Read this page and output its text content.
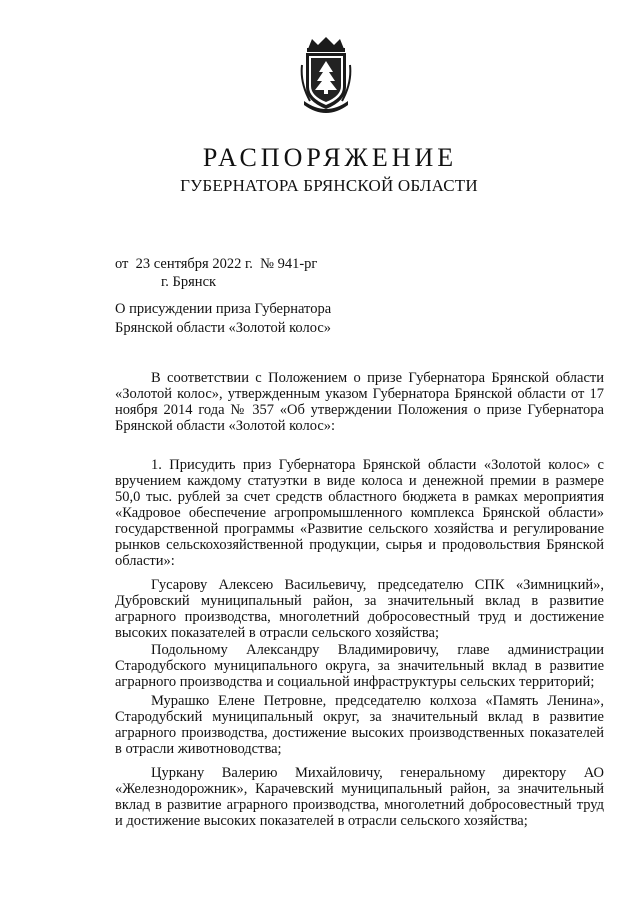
РАСПОРЯЖЕНИЕ
ГУБЕРНАТОРА БРЯНСКОЙ ОБЛАСТИ
от  23 сентября 2022 г.  № 941-рг
г. Брянск
О присуждении приза Губернатора
Брянской области «Золотой колос»

В соответствии с Положением о призе Губернатора Брянской области «Золотой колос», утвержденным указом Губернатора Брянской области от 17 ноября 2014 года № 357 «Об утверждении Положения о призе Губернатора Брянской области «Золотой колос»:

1. Присудить приз Губернатора Брянской области «Золотой колос» с вручением каждому статуэтки в виде колоса и денежной премии в размере 50,0 тыс. рублей за счет средств областного бюджета в рамках мероприятия «Кадровое обеспечение агропромышленного комплекса Брянской области» государственной программы «Развитие сельского хозяйства и регулирование рынков сельскохозяйственной продукции, сырья и продовольствия Брянской области»:

Гусарову Алексею Васильевичу, председателю СПК «Зимницкий», Дубровский муниципальный район, за значительный вклад в развитие аграрного производства, многолетний добросовестный труд и достижение высоких показателей в отрасли сельского хозяйства;

Подольному Александру Владимировичу, главе администрации Стародубского муниципального округа, за значительный вклад в развитие аграрного производства и социальной инфраструктуры сельских территорий;

Мурашко Елене Петровне, председателю колхоза «Память Ленина», Стародубский муниципальный округ, за значительный вклад в развитие аграрного производства, достижение высоких производственных показателей в отрасли животноводства;

Цуркану Валерию Михайловичу, генеральному директору АО «Железнодорожник», Карачевский муниципальный район, за значительный вклад в развитие аграрного производства, многолетний добросовестный труд и достижение высоких показателей в отрасли сельского хозяйства;
